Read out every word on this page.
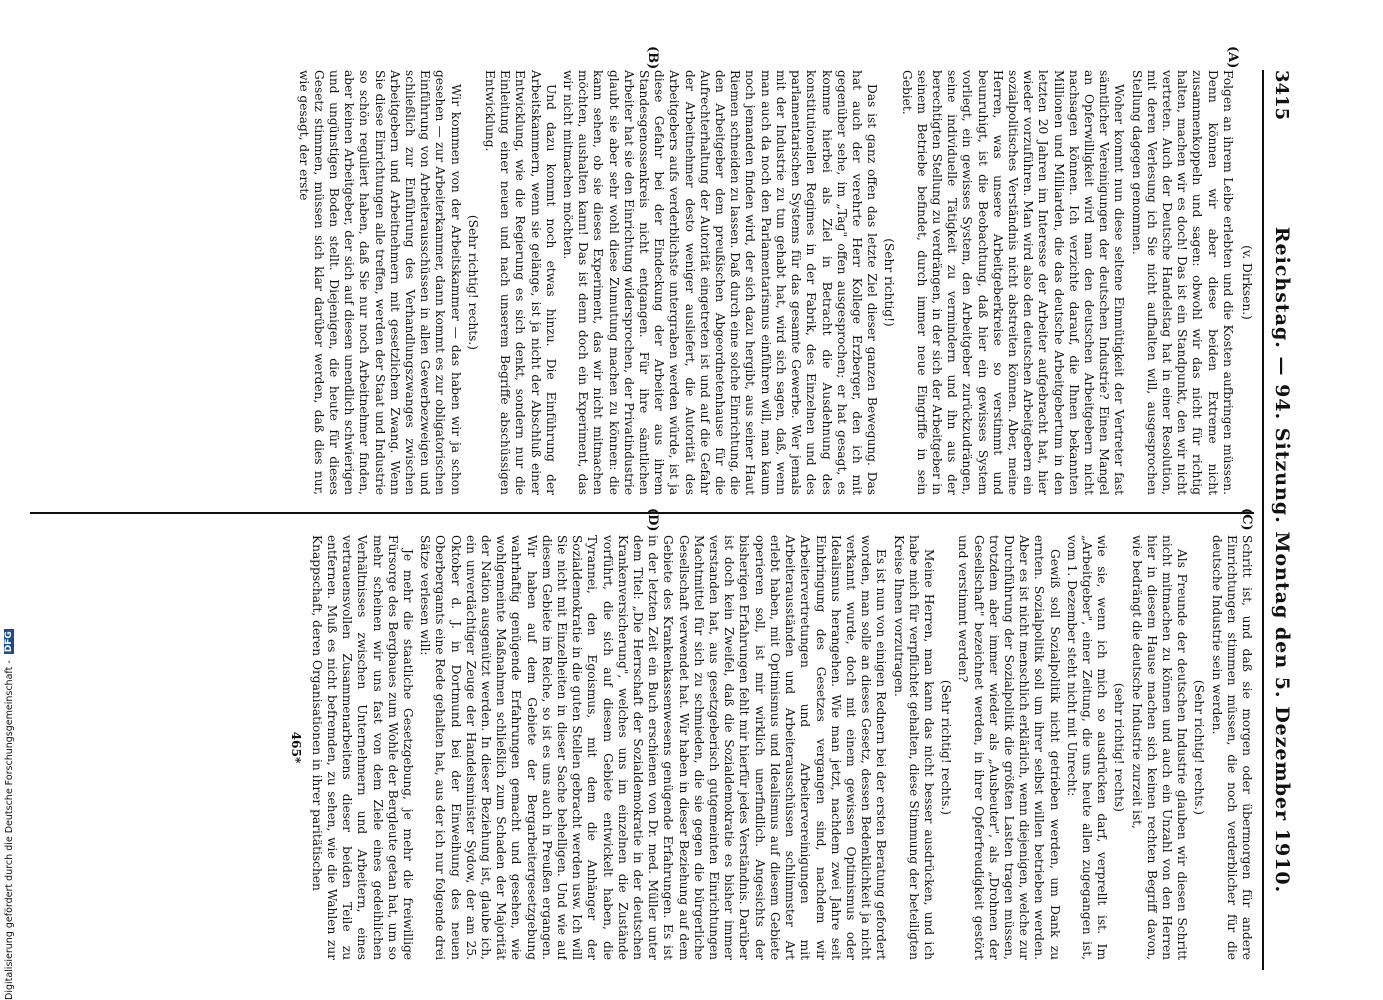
3415
Reichstag. — 94. Sitzung. Montag den 5. Dezember 1910.
(A)
(B)
(C)
(D)
(v. Dirksen.)

Folgen an ihrem Leibe erlebten und die Kosten aufbringen müssen. Denn können wir aber diese beiden Extreme nicht zusammenkoppeln und sagen: obwohl wir das nicht für richtig halten, machen wir es doch! Das ist ein Standpunkt, den wir nicht vertreten. Auch der Deutsche Handelstag hat in einer Resolution, mit deren Verlesung ich Sie nicht aufhalten will, ausgesprochen Stellung dagegen genommen.

Woher kommt nun diese seltene Einmütigkeit der Vertreter fast sämtlicher Vereinigungen der deutschen Industrie? Einen Mangel an Opferwilligkeit wird man den deutschen Arbeitgebern nicht nachsagen können. Ich verzichte darauf, die Ihnen bekannten Millionen und Milliarden, die das deutsche Arbeitgebertum in den letzten 20 Jahren im Interesse der Arbeiter aufgebracht hat, hier wieder vorzuführen. Man wird also den deutschen Arbeitgebern ein sozialpolitisches Verständnis nicht abstreiten können. Aber, meine Herren, was unsere Arbeitgeberkreise so verstimmt und beunruhigt, ist die Beobachtung, daß hier ein gewisses System vorliegt, ein gewisses System, den Arbeitgeber zurückzudrängen, seine individuelle Tätigkeit zu vermindern und ihn aus der berechtigten Stellung zu verdrängen, in der sich der Arbeitgeber in seinem Betriebe befindet, durch immer neue Eingriffe in sein Gebiet.

(Sehr richtig!)

Das ist ganz offen das letzte Ziel dieser ganzen Bewegung. Das hat auch der verehrte Herr Kollege Erzberger, den ich mit gegenüber sehe, im „Tag" offen ausgesprochen; er hat gesagt, es komme hierbei als Ziel in Betracht die Ausdehnung des konstitutionellen Regimes in der Fabrik, des Einzelnen und des parlamentarischen Systems für das gesamte Gewerbe. Wer jemals mit der Industrie zu tun gehabt hat, wird sich sagen, daß, wenn man auch da noch den Parlamentarismus einführen will, man kaum noch jemanden finden wird, der sich dazu hergibt, aus seiner Haut Riemen schneiden zu lassen. Daß durch eine solche Einrichtung, die den Arbeitgeber dem preußischen Abgeordnetenhause für die Aufrechterhaltung der Autorität eingetreten ist und auf die Gefahr der Arbeitnehmer desto weniger ausliefert, die Autorität des Arbeitgebers aufs verderblichste untergraben werden würde, ist ja diese Gefahr bei der Eindeckung der Arbeiter aus ihrem Standesgenossenkreis nicht entgangen. Für ihre sämtlichen Arbeiter hat sie den Einrichtung widersprochen, der Privatindustrie glaubt sie aber sehr wohl diese Zumutung machen zu können: die kann sehen, ob sie dieses Experiment, das wir nicht mitmachen möchten, aushalten kann! Das ist denn doch ein Experiment, das wir nicht mitmachen möchten.

Und dazu kommt noch etwas hinzu. Die Einführung der Arbeitskammern, wenn sie gelänge, ist ja nicht der Abschluß einer Entwicklung, wie die Regierung es sich denkt, sondern nur die Einleitung einer neuen und nach unserem Begriffe abschüssigen Entwicklung.

(Sehr richtig! rechts.)

Wir kommen von der Arbeitskammer — das haben wir ja schon gesehen — zur Arbeiterkammer, dann kommt es zur obligatorischen Einführung von Arbeiterausschüssen in allen Gewerbezweigen und schließlich zur Einführung des Verhandlungszwanges zwischen Arbeitgebern und Arbeitnehmern mit gesetzlichem Zwang. Wenn Sie diese Einrichtungen alle treffen, werden der Staat und Industrie so schön reguliert haben, daß Sie nur noch Arbeitnehmer finden, aber keinen Arbeitgeber, der sich auf diesen unendlich schwierigen und ungünstigen Boden stellt. Diejenigen, die heute für dieses Gesetz stimmen, müssen sich klar darüber werden, daß dies nur, wie gesagt, der erste

Schritt ist, und daß sie morgen oder übermorgen für andere Einrichtungen stimmen müssen, die noch verderblicher für die deutsche Industrie sein werden.

(Sehr richtig! rechts.)

Als Freunde der deutschen Industrie glauben wir diesen Schritt nicht mitmachen zu können und auch ein Unzahl von den Herren hier in diesem Hause machen sich keinen rechten Begriff davon, wie bedrängt die deutsche Industrie zurzeit ist,

(sehr richtig! rechts)

wie sie, wenn ich mich so ausdrücken darf, verprellt ist. Im „Arbeitgeber", einer Zeitung, die uns heute allen zugegangen ist, vom 1. Dezember steht nicht mit Unrecht:

Gewiß soll Sozialpolitik nicht getrieben werden, um Dank zu ernten. Sozialpolitik soll um ihrer selbst willen betrieben werden. Aber es ist nicht menschlich erklärlich, wenn diejenigen, welche zur Durchführung der Sozialpolitik die größten Lasten tragen müssen, trotzdem aber immer wieder als „Ausbeuter", als „Drohnen der Gesellschaft" bezeichnet werden, in ihrer Opferfreudigkeit gestört und verstimmt werden?

(Sehr richtig! rechts.)

Meine Herren, man kann das nicht besser ausdrücken, und ich habe mich für verpflichtet gehalten, diese Stimmung der beteiligten Kreise Ihnen vorzutragen.

Es ist nun von einigen Rednern bei der ersten Beratung gefordert worden, man solle an dieses Gesetz, dessen Bedenklichkeit ja nicht verkannt wurde, doch mit einem gewissen Optimismus oder Idealismus herangehen. Wie man jetzt, nachdem zwei Jahre seit Einbringung des Gesetzes vergangen sind, nachdem wir Arbeitervertretungen und Arbeitervereinigungen mit Arbeiterausständen und Arbeiterausschüssen schlimmster Art erlebt haben, mit Optimismus und Idealismus auf diesem Gebiete operieren soll, ist mir wirklich unerfindlich. Angesichts der bisherigen Erfahrungen fehlt mir hierfür jedes Verständnis. Darüber ist doch kein Zweifel, daß die Sozialdemokratie es bisher immer verstanden hat, aus gesetzgeberisch gutgemeinten Einrichtungen Machtmittel für sich zu schmieden, die sie gegen die bürgerliche Gesellschaft verwendet hat. Wir haben in dieser Beziehung auf dem Gebiete des Krankenkassenwesens genügende Erfahrungen. Es ist in der letzten Zeit ein Buch erschienen von Dr. med. Müller unter dem Titel: „Die Herrschaft der Sozialdemokratie in der deutschen Krankenversicherung", welches uns im einzelnen die Zustände vorführt, die sich auf diesem Gebiete entwickelt haben, die Tyrannei, den Egoismus, mit dem die Anhänger der Sozialdemokratie in die guten Stellen gebracht werden usw. Ich will Sie nicht mit Einzelheiten in dieser Sache behelligen. Und wie auf diesem Gebiete im Reiche, so ist es uns auch in Preußen ergangen. Wir haben auf dem Gebiete der Bergarbeitergesetzgebung wahrhaftig genügende Erfahrungen gemacht und gesehen, wie wohlgemeinte Maßnahmen schließlich zum Schaden der Majorität der Nation ausgenützt werden. In dieser Beziehung ist, glaube ich, ein unverdächtiger Zeuge der Handelsminister Sydow, der am 25. Oktober d. J. in Dortmund bei der Einweihung des neuen Oberbergamts eine Rede gehalten hat, aus der ich nur folgende drei Sätze verlesen will:

Je mehr die staatliche Gesetzgebung, je mehr die freiwillige Fürsorge des Bergbaues zum Wohle der Bergleute getan hat, um so mehr scheinen wir uns fast von dem Ziele eines gedeihlichen Verhältnisses zwischen Unternehmern und Arbeitern, eines vertrauensvollen Zusammenarbeitens dieser beiden Teile zu entfernen. Muß es nicht befremden, zu sehen, wie die Wahlen zur Knappschaft, deren Organisationen in ihrer paritätischen

465*
Digitalisierung gefördert durch die Deutsche Forschungsgemeinschaft -
DFG
